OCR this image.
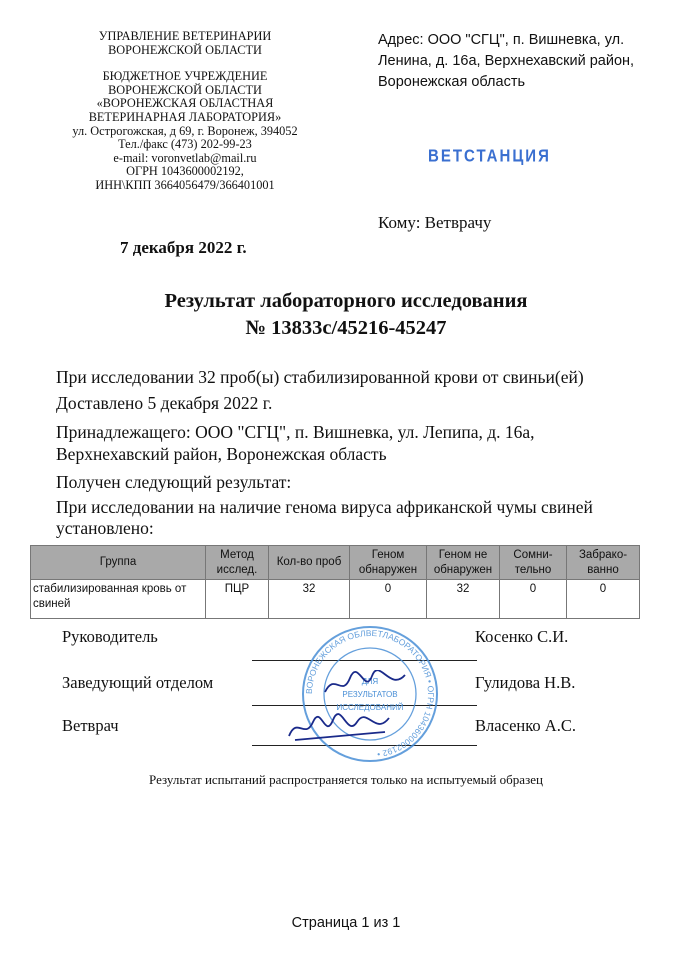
УПРАВЛЕНИЕ ВЕТЕРИНАРИИ
ВОРОНЕЖСКОЙ ОБЛАСТИ
БЮДЖЕТНОЕ УЧРЕЖДЕНИЕ
ВОРОНЕЖСКОЙ ОБЛАСТИ
«ВОРОНЕЖСКАЯ ОБЛАСТНАЯ
ВЕТЕРИНАРНАЯ ЛАБОРАТОРИЯ»
ул. Острогожская, д 69, г. Воронеж, 394052
Тел./факс (473) 202-99-23
e-mail: voronvetlab@mail.ru
ОГРН 1043600002192,
ИНН\КПП 3664056479/366401001
Адрес: ООО "СГЦ", п. Вишневка, ул. Ленина, д. 16а, Верхнехавский район, Воронежская область
ВЕТСТАНЦИЯ
Кому: Ветврачу
7 декабря 2022 г.
Результат лабораторного исследования
№ 13833с/45216-45247
При исследовании 32 проб(ы) стабилизированной крови от свиньи(ей)
Доставлено 5 декабря 2022 г.
Принадлежащего: ООО "СГЦ", п. Вишневка, ул. Лепипа, д. 16а, Верхнехавский район, Воронежская область
Получен следующий результат:
При исследовании на наличие генома вируса африканской чумы свиней установлено:
Группа	Метод исслед.	Кол-во проб	Геном обнаружен	Геном не обнаружен	Сомни-тельно	Забрако-ванно
стабилизированная кровь от свиней	ПЦР	32	0	32	0	0
Руководитель	Косенко С.И.
Заведующий отделом	Гулидова Н.В.
Ветврач	Власенко А.С.
ВОРОНЕЖСКАЯ ОБЛВЕТЛАБОРАТОРИЯ • ОГРН 1043600002192 •
ДЛЯ
РЕЗУЛЬТАТОВ
ИССЛЕДОВАНИЙ
Результат испытаний распространяется только на испытуемый образец
Страница 1 из 1
